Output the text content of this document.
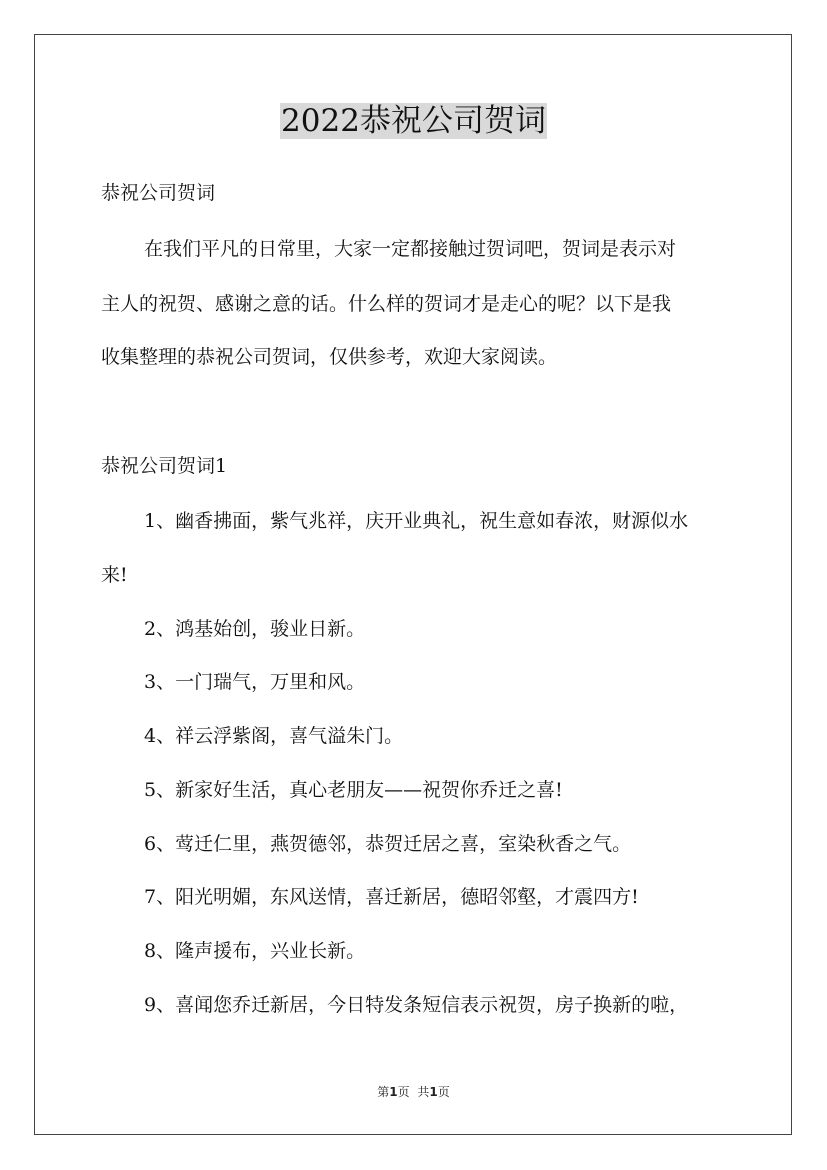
2022恭祝公司贺词

恭祝公司贺词

在我们平凡的日常里，大家一定都接触过贺词吧，贺词是表示对

主人的祝贺、感谢之意的话。什么样的贺词才是走心的呢？以下是我

收集整理的恭祝公司贺词，仅供参考，欢迎大家阅读。

恭祝公司贺词1

1、幽香拂面，紫气兆祥，庆开业典礼，祝生意如春浓，财源似水

来!

2、鸿基始创，骏业日新。

3、一门瑞气，万里和风。

4、祥云浮紫阁，喜气溢朱门。

5、新家好生活，真心老朋友——祝贺你乔迁之喜!

6、莺迁仁里，燕贺德邻，恭贺迁居之喜，室染秋香之气。

7、阳光明媚，东风送情，喜迁新居，德昭邻壑，才震四方!

8、隆声援布，兴业长新。

9、喜闻您乔迁新居，今日特发条短信表示祝贺，房子换新的啦，

第1页 共1页
